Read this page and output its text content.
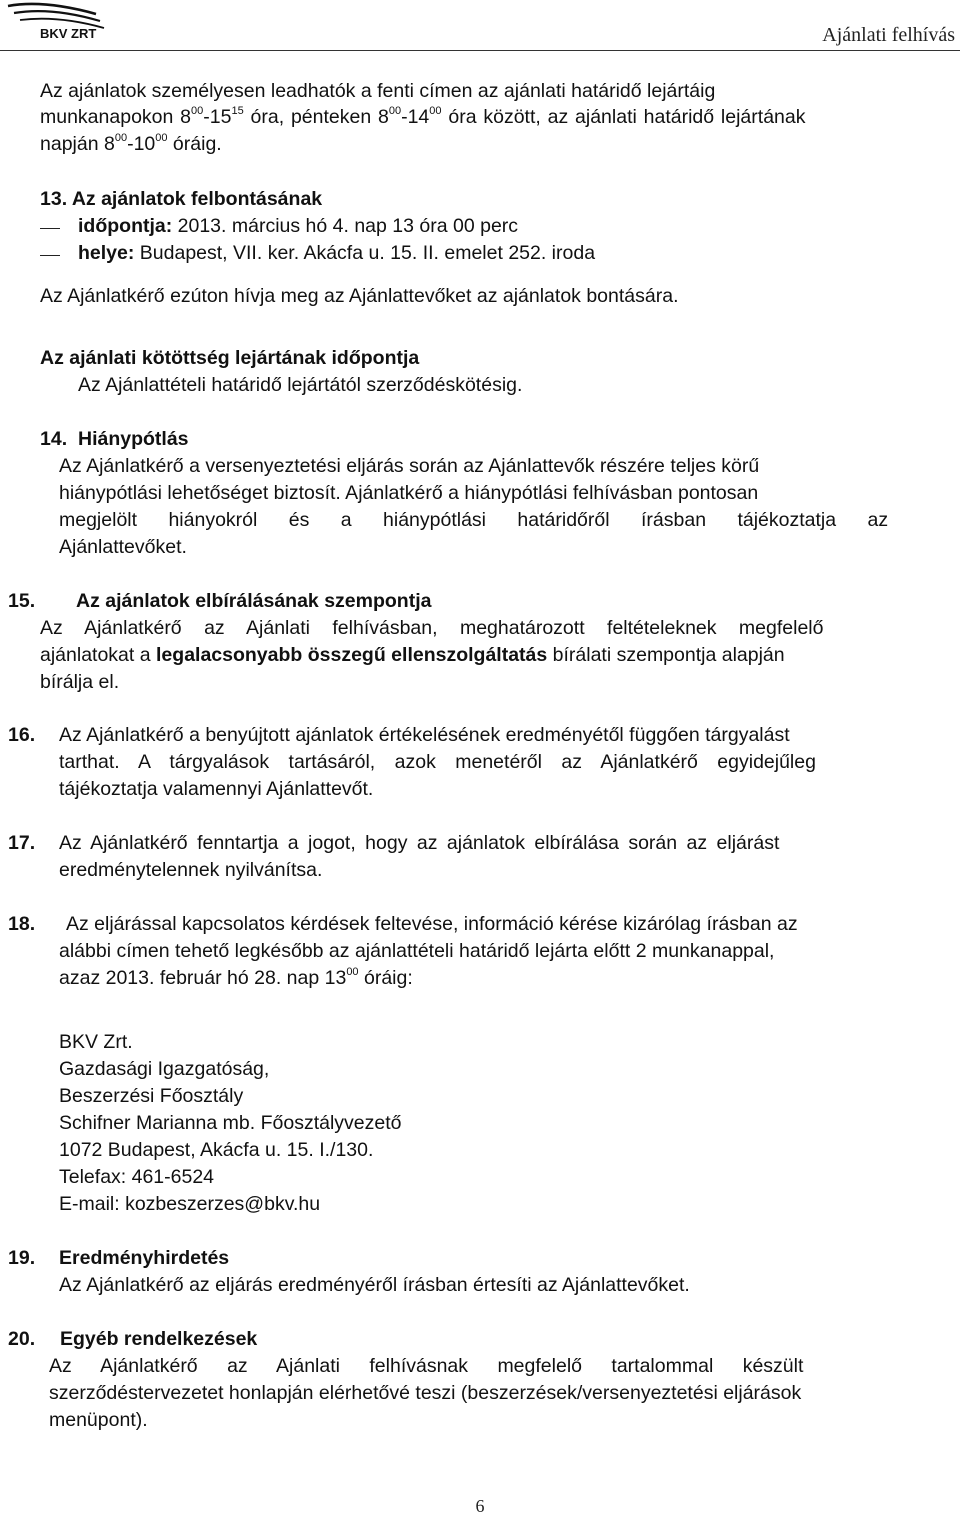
BKV ZRT	Ajánlati felhívás
Az ajánlatok személyesen leadhatók a fenti címen az ajánlati határidő lejártáig
munkanapokon $8^{00}-15^{15}$ óra, pénteken $8^{00}-14^{00}$ óra között, az ajánlati határidő lejártának
napján $8^{00}-10^{00}$ óráig.
13. Az ajánlatok felbontásának
időpontja: 2013. március hó 4. nap 13 óra 00 perc
helye: Budapest, VII. ker. Akácfa u. 15. II. emelet 252. iroda
Az Ajánlatkérő ezúton hívja meg az Ajánlattevőket az ajánlatok bontására.
Az ajánlati kötöttség lejártának időpontja
Az Ajánlattételi határidő lejártától szerződéskötésig.
14. Hiánypótlás
Az Ajánlatkérő a versenyeztetési eljárás során az Ajánlattevők részére teljes körű
hiánypótlási lehetőséget biztosít. Ajánlatkérő a hiánypótlási felhívásban pontosan
megjelölt hiányokról és a hiánypótlási határidőről írásban tájékoztatja az
Ajánlattevőket.
15. Az ajánlatok elbírálásának szempontja
Az Ajánlatkérő az Ajánlati felhívásban, meghatározott feltételeknek megfelelő
ajánlatokat a legalacsonyabb összegű ellenszolgáltatás bírálati szempontja alapján
bírálja el.
16. Az Ajánlatkérő a benyújtott ajánlatok értékelésének eredményétől függően tárgyalást
tarthat. A tárgyalások tartásáról, azok menetéről az Ajánlatkérő egyidejűleg
tájékoztatja valamennyi Ajánlattevőt.
17. Az Ajánlatkérő fenntartja a jogot, hogy az ajánlatok elbírálása során az eljárást
eredménytelennek nyilvánítsa.
18. Az eljárással kapcsolatos kérdések feltevése, információ kérése kizárólag írásban az
alábbi címen tehető legkésőbb az ajánlattételi határidő lejárta előtt 2 munkanappal,
azaz 2013. február hó 28. nap $13^{00}$ óráig:
BKV Zrt.
Gazdasági Igazgatóság,
Beszerzési Főosztály
Schifner Marianna mb. Főosztályvezető
1072 Budapest, Akácfa u. 15. I./130.
Telefax: 461-6524
E-mail: kozbeszerzes@bkv.hu
19. Eredményhirdetés
Az Ajánlatkérő az eljárás eredményéről írásban értesíti az Ajánlattevőket.
20. Egyéb rendelkezések
Az Ajánlatkérő az Ajánlati felhívásnak megfelelő tartalommal készült
szerződéstervezetet honlapján elérhetővé teszi (beszerzések/versenyeztetési eljárások
menüpont).
6
